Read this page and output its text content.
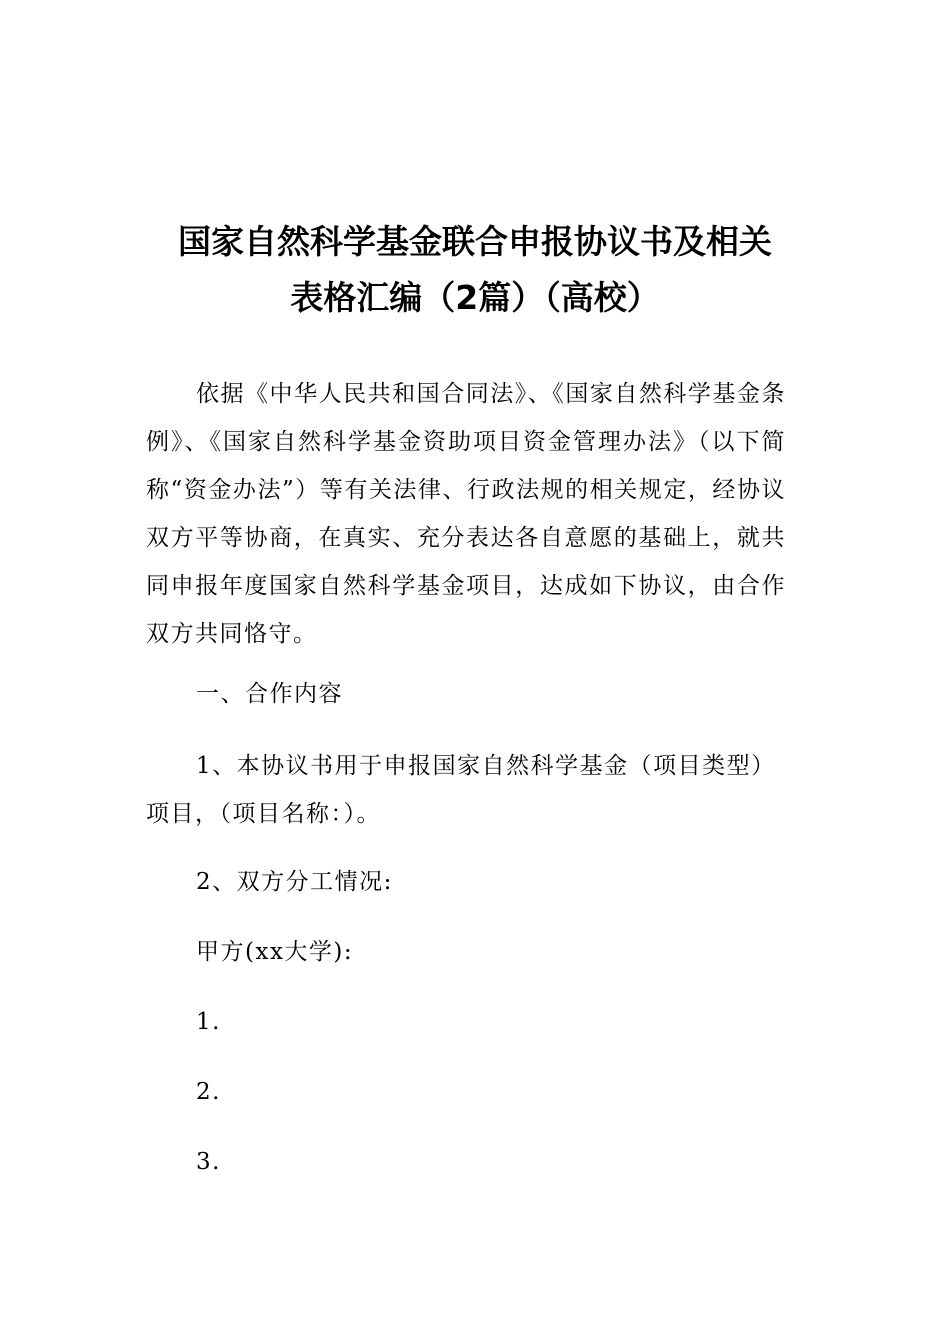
国家自然科学基金联合申报协议书及相关
表格汇编（2篇）（高校）

依据《中华人民共和国合同法》、《国家自然科学基金条例》、《国家自然科学基金资助项目资金管理办法》（以下简称“资金办法”）等有关法律、行政法规的相关规定，经协议双方平等协商，在真实、充分表达各自意愿的基础上，就共同申报年度国家自然科学基金项目，达成如下协议，由合作双方共同恪守。

一、合作内容

1、本协议书用于申报国家自然科学基金（项目类型）项目，（项目名称：）。

2、双方分工情况:
甲方(xx大学):
1.
2.
3.
